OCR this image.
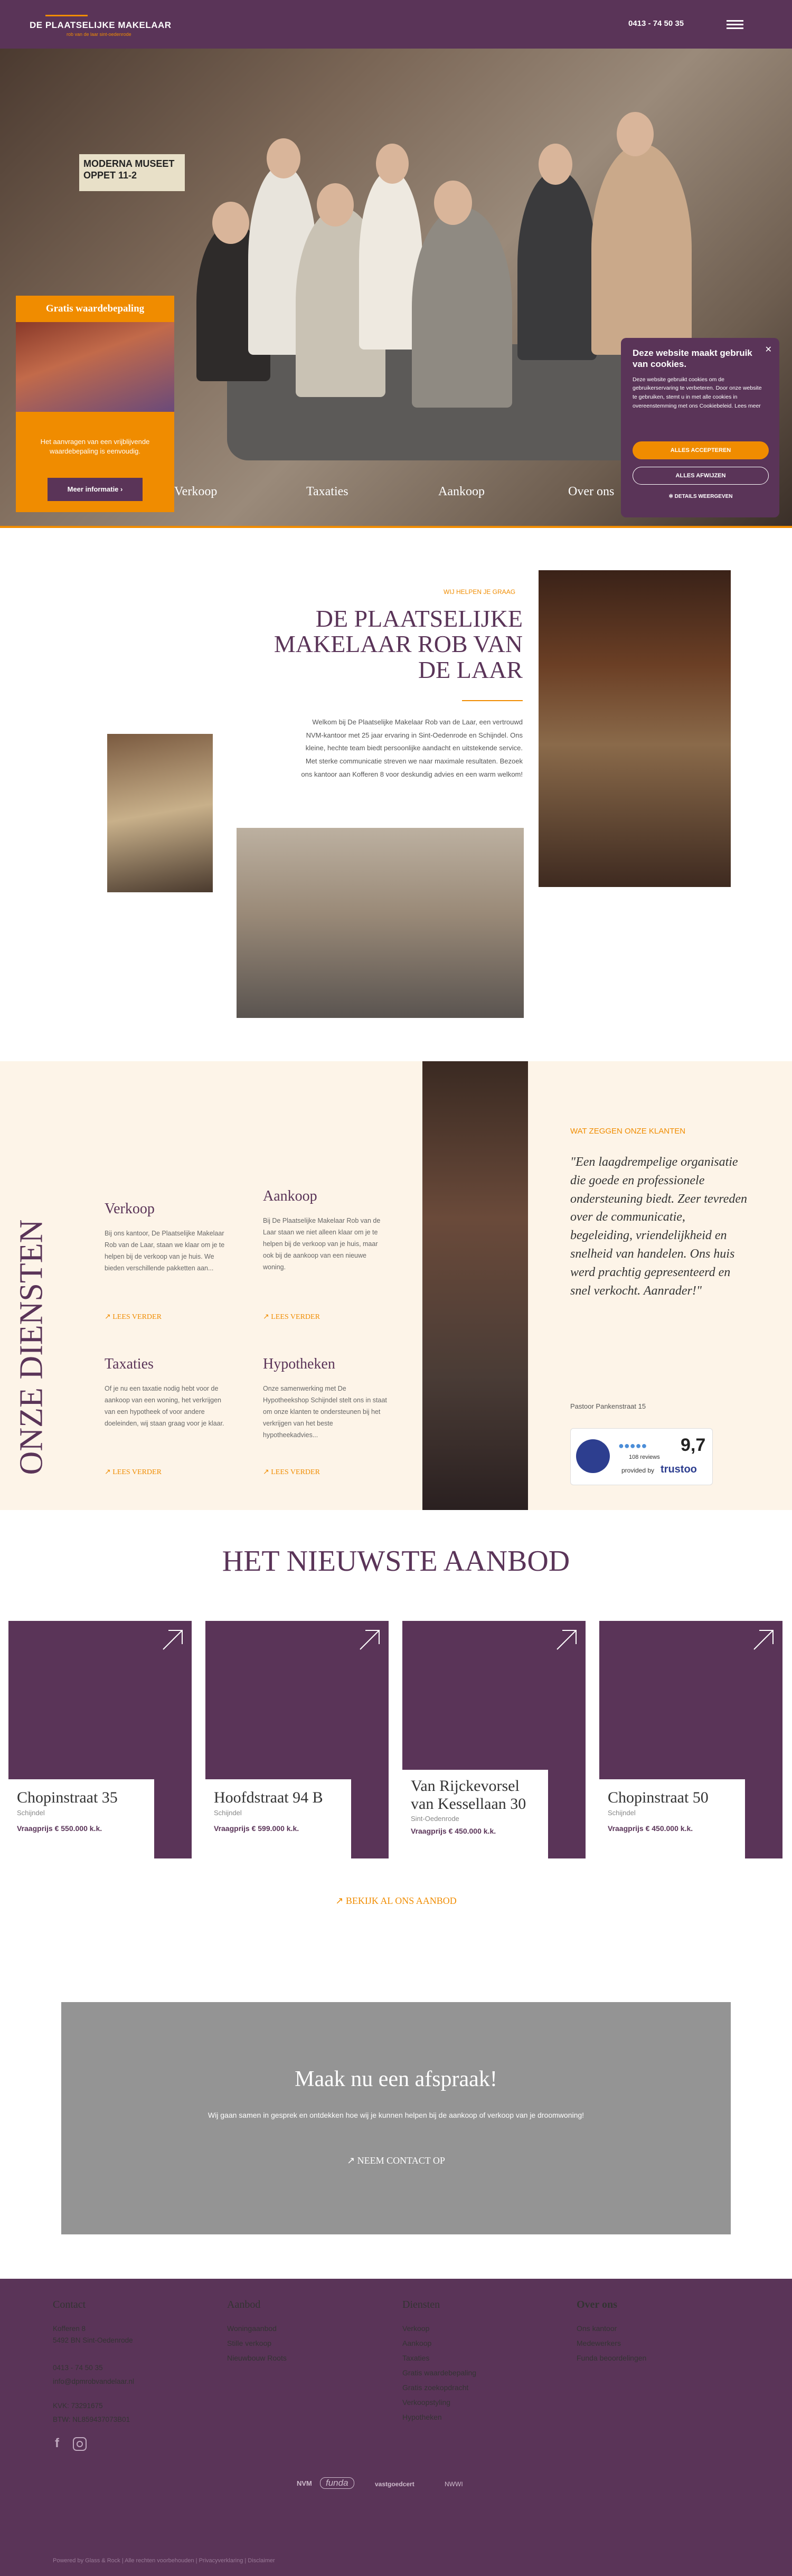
DE PLAATSELIJKE MAKELAAR
rob van de laar sint-oedenrode
0413 - 74 50 35
MODERNA MUSEET OPPET 11-2
Verkoop	Taxaties	Aankoop	Over ons
Gratis waardebepaling
Het aanvragen van een vrijblijvende waardebepaling is eenvoudig.
Meer informatie ›
✕
Deze website maakt gebruik van cookies.
Deze website gebruikt cookies om de gebruikerservaring te verbeteren. Door onze website te gebruiken, stemt u in met alle cookies in overeenstemming met ons Cookiebeleid. Lees meer
ALLES ACCEPTEREN
ALLES AFWIJZEN
✲ DETAILS WEERGEVEN
WIJ HELPEN JE GRAAG
DE PLAATSELIJKE MAKELAAR ROB VAN DE LAAR
Welkom bij De Plaatselijke Makelaar Rob van de Laar, een vertrouwd NVM-kantoor met 25 jaar ervaring in Sint-Oedenrode en Schijndel. Ons kleine, hechte team biedt persoonlijke aandacht en uitstekende service. Met sterke communicatie streven we naar maximale resultaten. Bezoek ons kantoor aan Kofferen 8 voor deskundig advies en een warm welkom!
ONZE DIENSTEN
Verkoop
Bij ons kantoor, De Plaatselijke Makelaar Rob van de Laar, staan we klaar om je te helpen bij de verkoop van je huis. We bieden verschillende pakketten aan...
↗ LEES VERDER
Aankoop
Bij De Plaatselijke Makelaar Rob van de Laar staan we niet alleen klaar om je te helpen bij de verkoop van je huis, maar ook bij de aankoop van een nieuwe woning.
↗ LEES VERDER
Taxaties
Of je nu een taxatie nodig hebt voor de aankoop van een woning, het verkrijgen van een hypotheek of voor andere doeleinden, wij staan graag voor je klaar.
↗ LEES VERDER
Hypotheken
Onze samenwerking met De Hypotheekshop Schijndel stelt ons in staat om onze klanten te ondersteunen bij het verkrijgen van het beste hypotheekadvies...
↗ LEES VERDER
WAT ZEGGEN ONZE KLANTEN
"Een laagdrempelige organisatie die goede en professionele ondersteuning biedt. Zeer tevreden over de communicatie, begeleiding, vriendelijkheid en snelheid van handelen. Ons huis werd prachtig gepresenteerd en snel verkocht. Aanrader!"
Pastoor Pankenstraat 15
●●●●● 9,7
108 reviews
provided by trustoo
HET NIEUWSTE AANBOD
Chopinstraat 35
Schijndel
Vraagprijs € 550.000 k.k.
Hoofdstraat 94 B
Schijndel
Vraagprijs € 599.000 k.k.
Van Rijckevorsel van Kessellaan 30
Sint-Oedenrode
Vraagprijs € 450.000 k.k.
Chopinstraat 50
Schijndel
Vraagprijs € 450.000 k.k.
↗ BEKIJK AL ONS AANBOD
Maak nu een afspraak!
Wij gaan samen in gesprek en ontdekken hoe wij je kunnen helpen bij de aankoop of verkoop van je droomwoning!
↗ NEEM CONTACT OP
Contact
Kofferen 8
5492 BN Sint-Oedenrode
0413 - 74 50 35
info@dpmrobvandelaar.nl
KVK: 73291675
BTW: NL859437073B01
f
Aanbod
Woningaanbod
Stille verkoop
Nieuwbouw Roots
Diensten
Verkoop
Aankoop
Taxaties
Gratis waardebepaling
Gratis zoekopdracht
Verkoopstyling
Hypotheken
Over ons
Ons kantoor
Medewerkers
Funda beoordelingen
NVM	funda	vastgoedcert	NWWI
Powered by Glass & Rock | Alle rechten voorbehouden | Privacyverklaring | Disclaimer
